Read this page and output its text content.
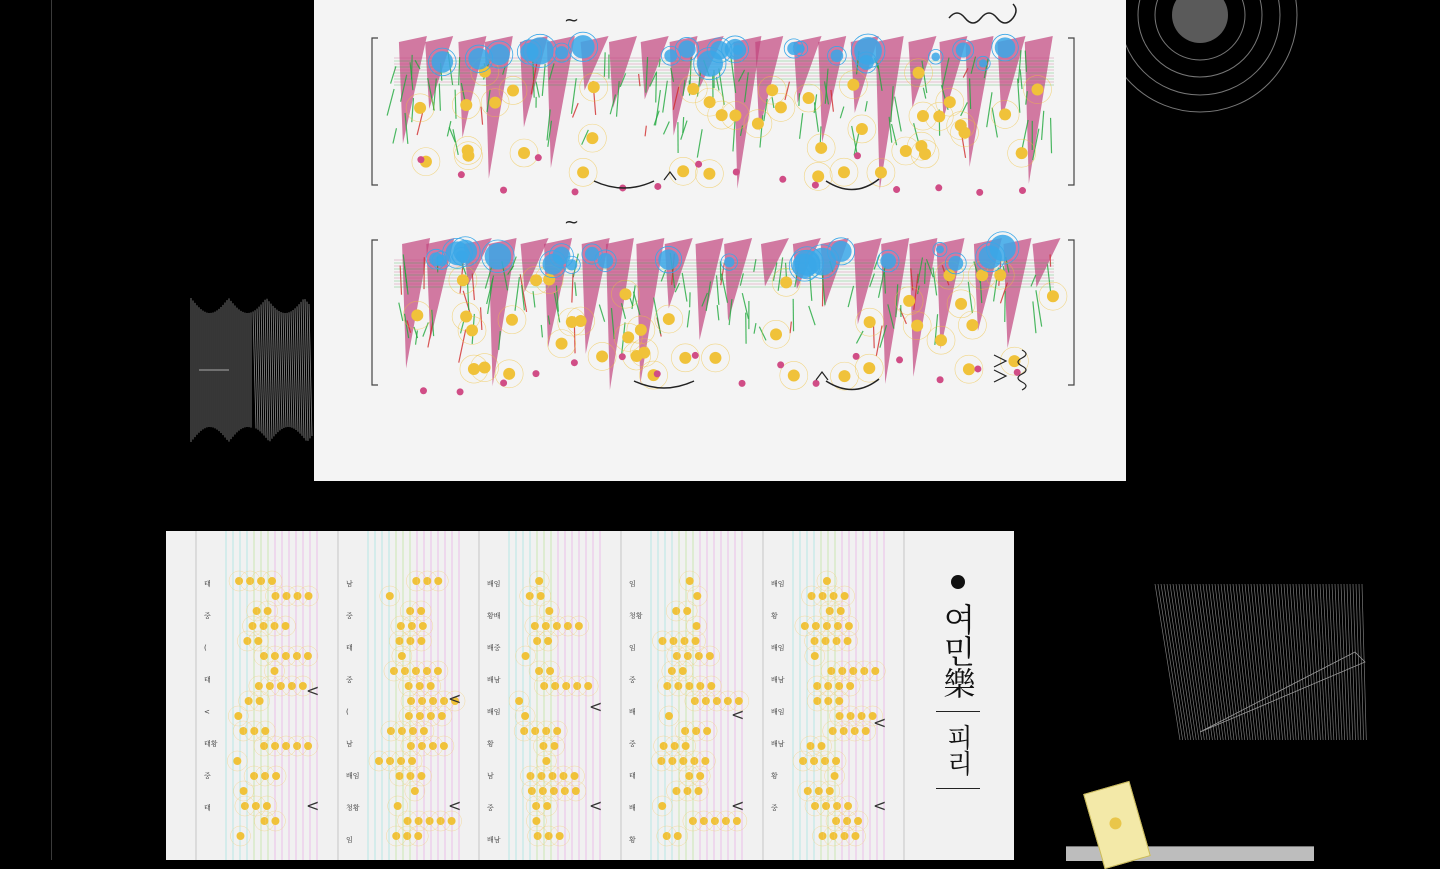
~
~
태
중
(
태
<
태황
중
태
<
<
남
중
태
중
(
남
배임
청황
임
<
<
배임
황배
배중
배남
배임
황
남
중
배남
<
<
임
청황
임
중
배
중
태
배
황
<
<
배임
황
배임
배남
배임
배남
황
중
<
<
여민樂
피리
